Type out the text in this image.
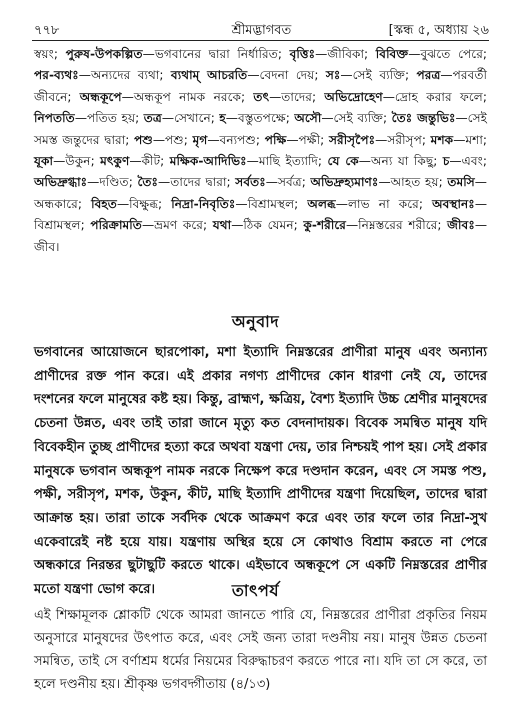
৭৭৮	শ্রীমদ্ভাগবত	[স্কন্ধ ৫, অধ্যায় ২৬

স্বয়ং; পুরুষ-উপকল্পিত—ভগবানের দ্বারা নির্ধারিত; বৃত্তিঃ—জীবিকা; বিবিক্ত—বুঝতে পেরে; পর-ব্যথঃ—অন্যদের ব্যথা; ব্যথাম্ আচরতি—বেদনা দেয়; সঃ—সেই ব্যক্তি; পরত্র—পরবর্তী জীবনে; অন্ধকূপে—অন্ধকূপ নামক নরকে; তৎ—তাদের; অভিদ্রোহেণ—দ্রোহ করার ফলে; নিপততি—পতিত হয়; তত্র—সেখানে; হ—বস্তুতপক্ষে; অসৌ—সেই ব্যক্তি; তৈঃ জন্তুভিঃ—সেই সমস্ত জন্তুদের দ্বারা; পশু—পশু; মৃগ—বন্যপশু; পক্ষি—পক্ষী; সরীসৃপৈঃ—সরীসৃপ; মশক—মশা; যূকা—উকুন; মৎকুণ—কীট; মক্ষিক-আদিভিঃ—মাছি ইত্যাদি; যে কে—অন্য যা কিছু; চ—এবং; অভিদ্রুগ্ধাঃ—দণ্ডিত; তৈঃ—তাদের দ্বারা; সর্বতঃ—সর্বত্র; অভিদ্রুহ্যমাণঃ—আহত হয়; তমসি—অন্ধকারে; বিহত—বিক্ষুব্ধ; নিদ্রা-নিবৃতিঃ—বিশ্রামস্থল; অলব্ধ—লাভ না করে; অবস্থানঃ—বিশ্রামস্থল; পরিক্রামতি—ভ্রমণ করে; যথা—ঠিক যেমন; কু-শরীরে—নিম্নস্তরের শরীরে; জীবঃ—জীব।

অনুবাদ

ভগবানের আয়োজনে ছারপোকা, মশা ইত্যাদি নিম্নস্তরের প্রাণীরা মানুষ এবং অন্যান্য প্রাণীদের রক্ত পান করে। এই প্রকার নগণ্য প্রাণীদের কোন ধারণা নেই যে, তাদের দংশনের ফলে মানুষের কষ্ট হয়। কিন্তু, ব্রাহ্মণ, ক্ষত্রিয়, বৈশ্য ইত্যাদি উচ্চ শ্রেণীর মানুষদের চেতনা উন্নত, এবং তাই তারা জানে মৃত্যু কত বেদনাদায়ক। বিবেক সমন্বিত মানুষ যদি বিবেকহীন তুচ্ছ প্রাণীদের হত্যা করে অথবা যন্ত্রণা দেয়, তার নিশ্চয়ই পাপ হয়। সেই প্রকার মানুষকে ভগবান অন্ধকূপ নামক নরকে নিক্ষেপ করে দণ্ডদান করেন, এবং সে সমস্ত পশু, পক্ষী, সরীসৃপ, মশক, উকুন, কীট, মাছি ইত্যাদি প্রাণীদের যন্ত্রণা দিয়েছিল, তাদের দ্বারা আক্রান্ত হয়। তারা তাকে সর্বদিক থেকে আক্রমণ করে এবং তার ফলে তার নিদ্রা-সুখ একেবারেই নষ্ট হয়ে যায়। যন্ত্রণায় অস্থির হয়ে সে কোথাও বিশ্রাম করতে না পেরে অন্ধকারে নিরন্তর ছুটাছুটি করতে থাকে। এইভাবে অন্ধকূপে সে একটি নিম্নস্তরের প্রাণীর মতো যন্ত্রণা ভোগ করে।	তাৎপর্য

এই শিক্ষামূলক শ্লোকটি থেকে আমরা জানতে পারি যে, নিম্নস্তরের প্রাণীরা প্রকৃতির নিয়ম অনুসারে মানুষদের উৎপাত করে, এবং সেই জন্য তারা দণ্ডনীয় নয়। মানুষ উন্নত চেতনা সমন্বিত, তাই সে বর্ণাশ্রম ধর্মের নিয়মের বিরুদ্ধাচরণ করতে পারে না। যদি তা সে করে, তা হলে দণ্ডনীয় হয়। শ্রীকৃষ্ণ ভগবদ্গীতায় (৪/১৩)
